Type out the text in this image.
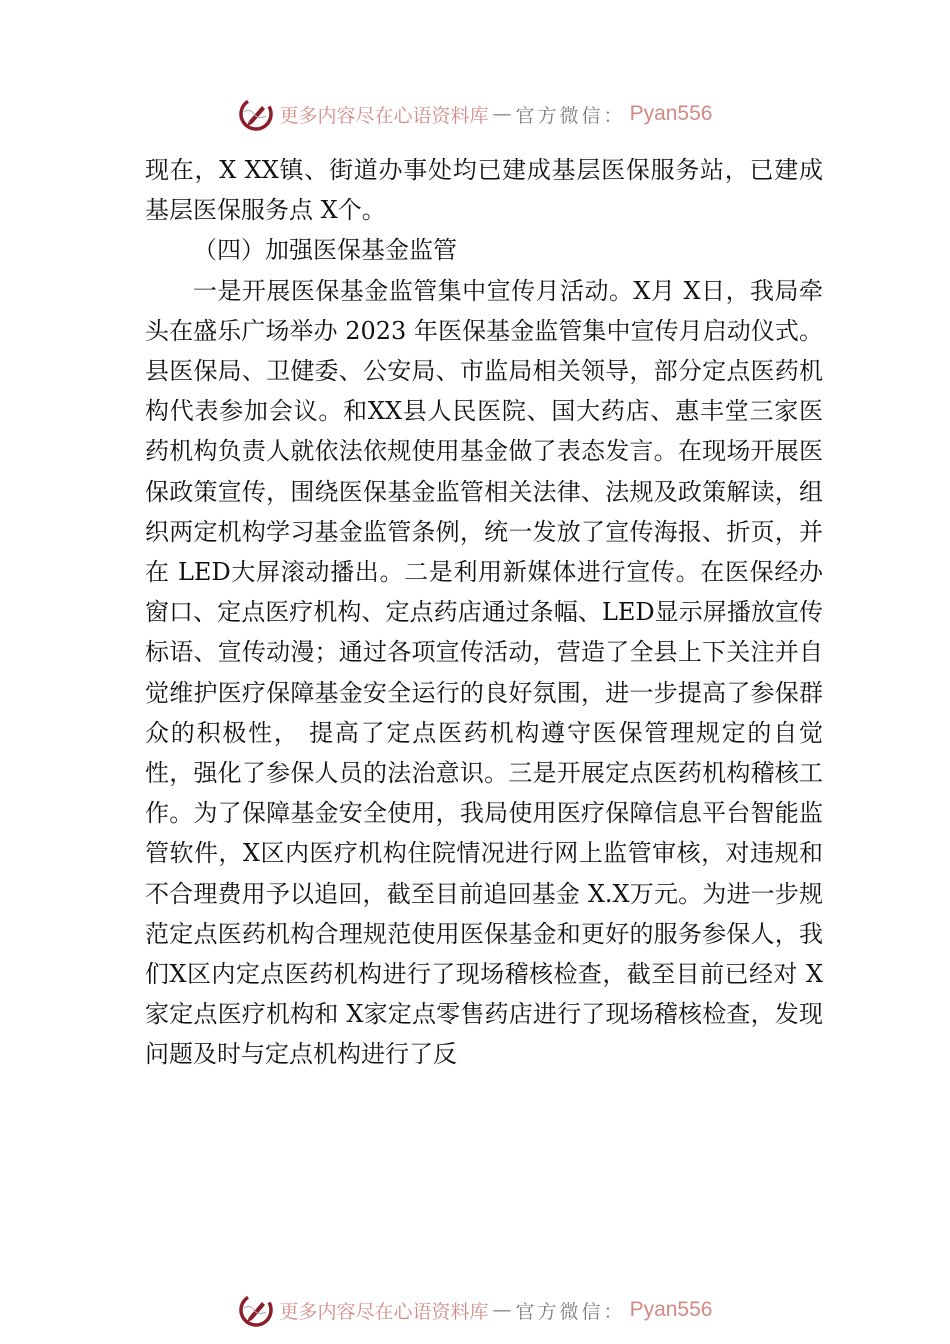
更多内容尽在心语资料库 — 官方微信： Pyan556

现在，X XX镇、街道办事处均已建成基层医保服务站，已建成基层医保服务点 X个。

（四）加强医保基金监管

一是开展医保基金监管集中宣传月活动。X月 X日，我局牵头在盛乐广场举办 2023 年医保基金监管集中宣传月启动仪式。县医保局、卫健委、公安局、市监局相关领导，部分定点医药机构代表参加会议。和XX县人民医院、国大药店、惠丰堂三家医药机构负责人就依法依规使用基金做了表态发言。在现场开展医保政策宣传，围绕医保基金监管相关法律、法规及政策解读，组织两定机构学习基金监管条例，统一发放了宣传海报、折页，并在 LED大屏滚动播出。二是利用新媒体进行宣传。在医保经办窗口、定点医疗机构、定点药店通过条幅、LED显示屏播放宣传标语、宣传动漫；通过各项宣传活动，营造了全县上下关注并自觉维护医疗保障基金安全运行的良好氛围，进一步提高了参保群众的积极性， 提高了定点医药机构遵守医保管理规定的自觉性，强化了参保人员的法治意识。三是开展定点医药机构稽核工作。为了保障基金安全使用，我局使用医疗保障信息平台智能监管软件，X区内医疗机构住院情况进行网上监管审核，对违规和不合理费用予以追回，截至目前追回基金 X.X万元。为进一步规范定点医药机构合理规范使用医保基金和更好的服务参保人，我们X区内定点医药机构进行了现场稽核检查，截至目前已经对 X家定点医疗机构和 X家定点零售药店进行了现场稽核检查，发现问题及时与定点机构进行了反

更多内容尽在心语资料库 — 官方微信： Pyan556
